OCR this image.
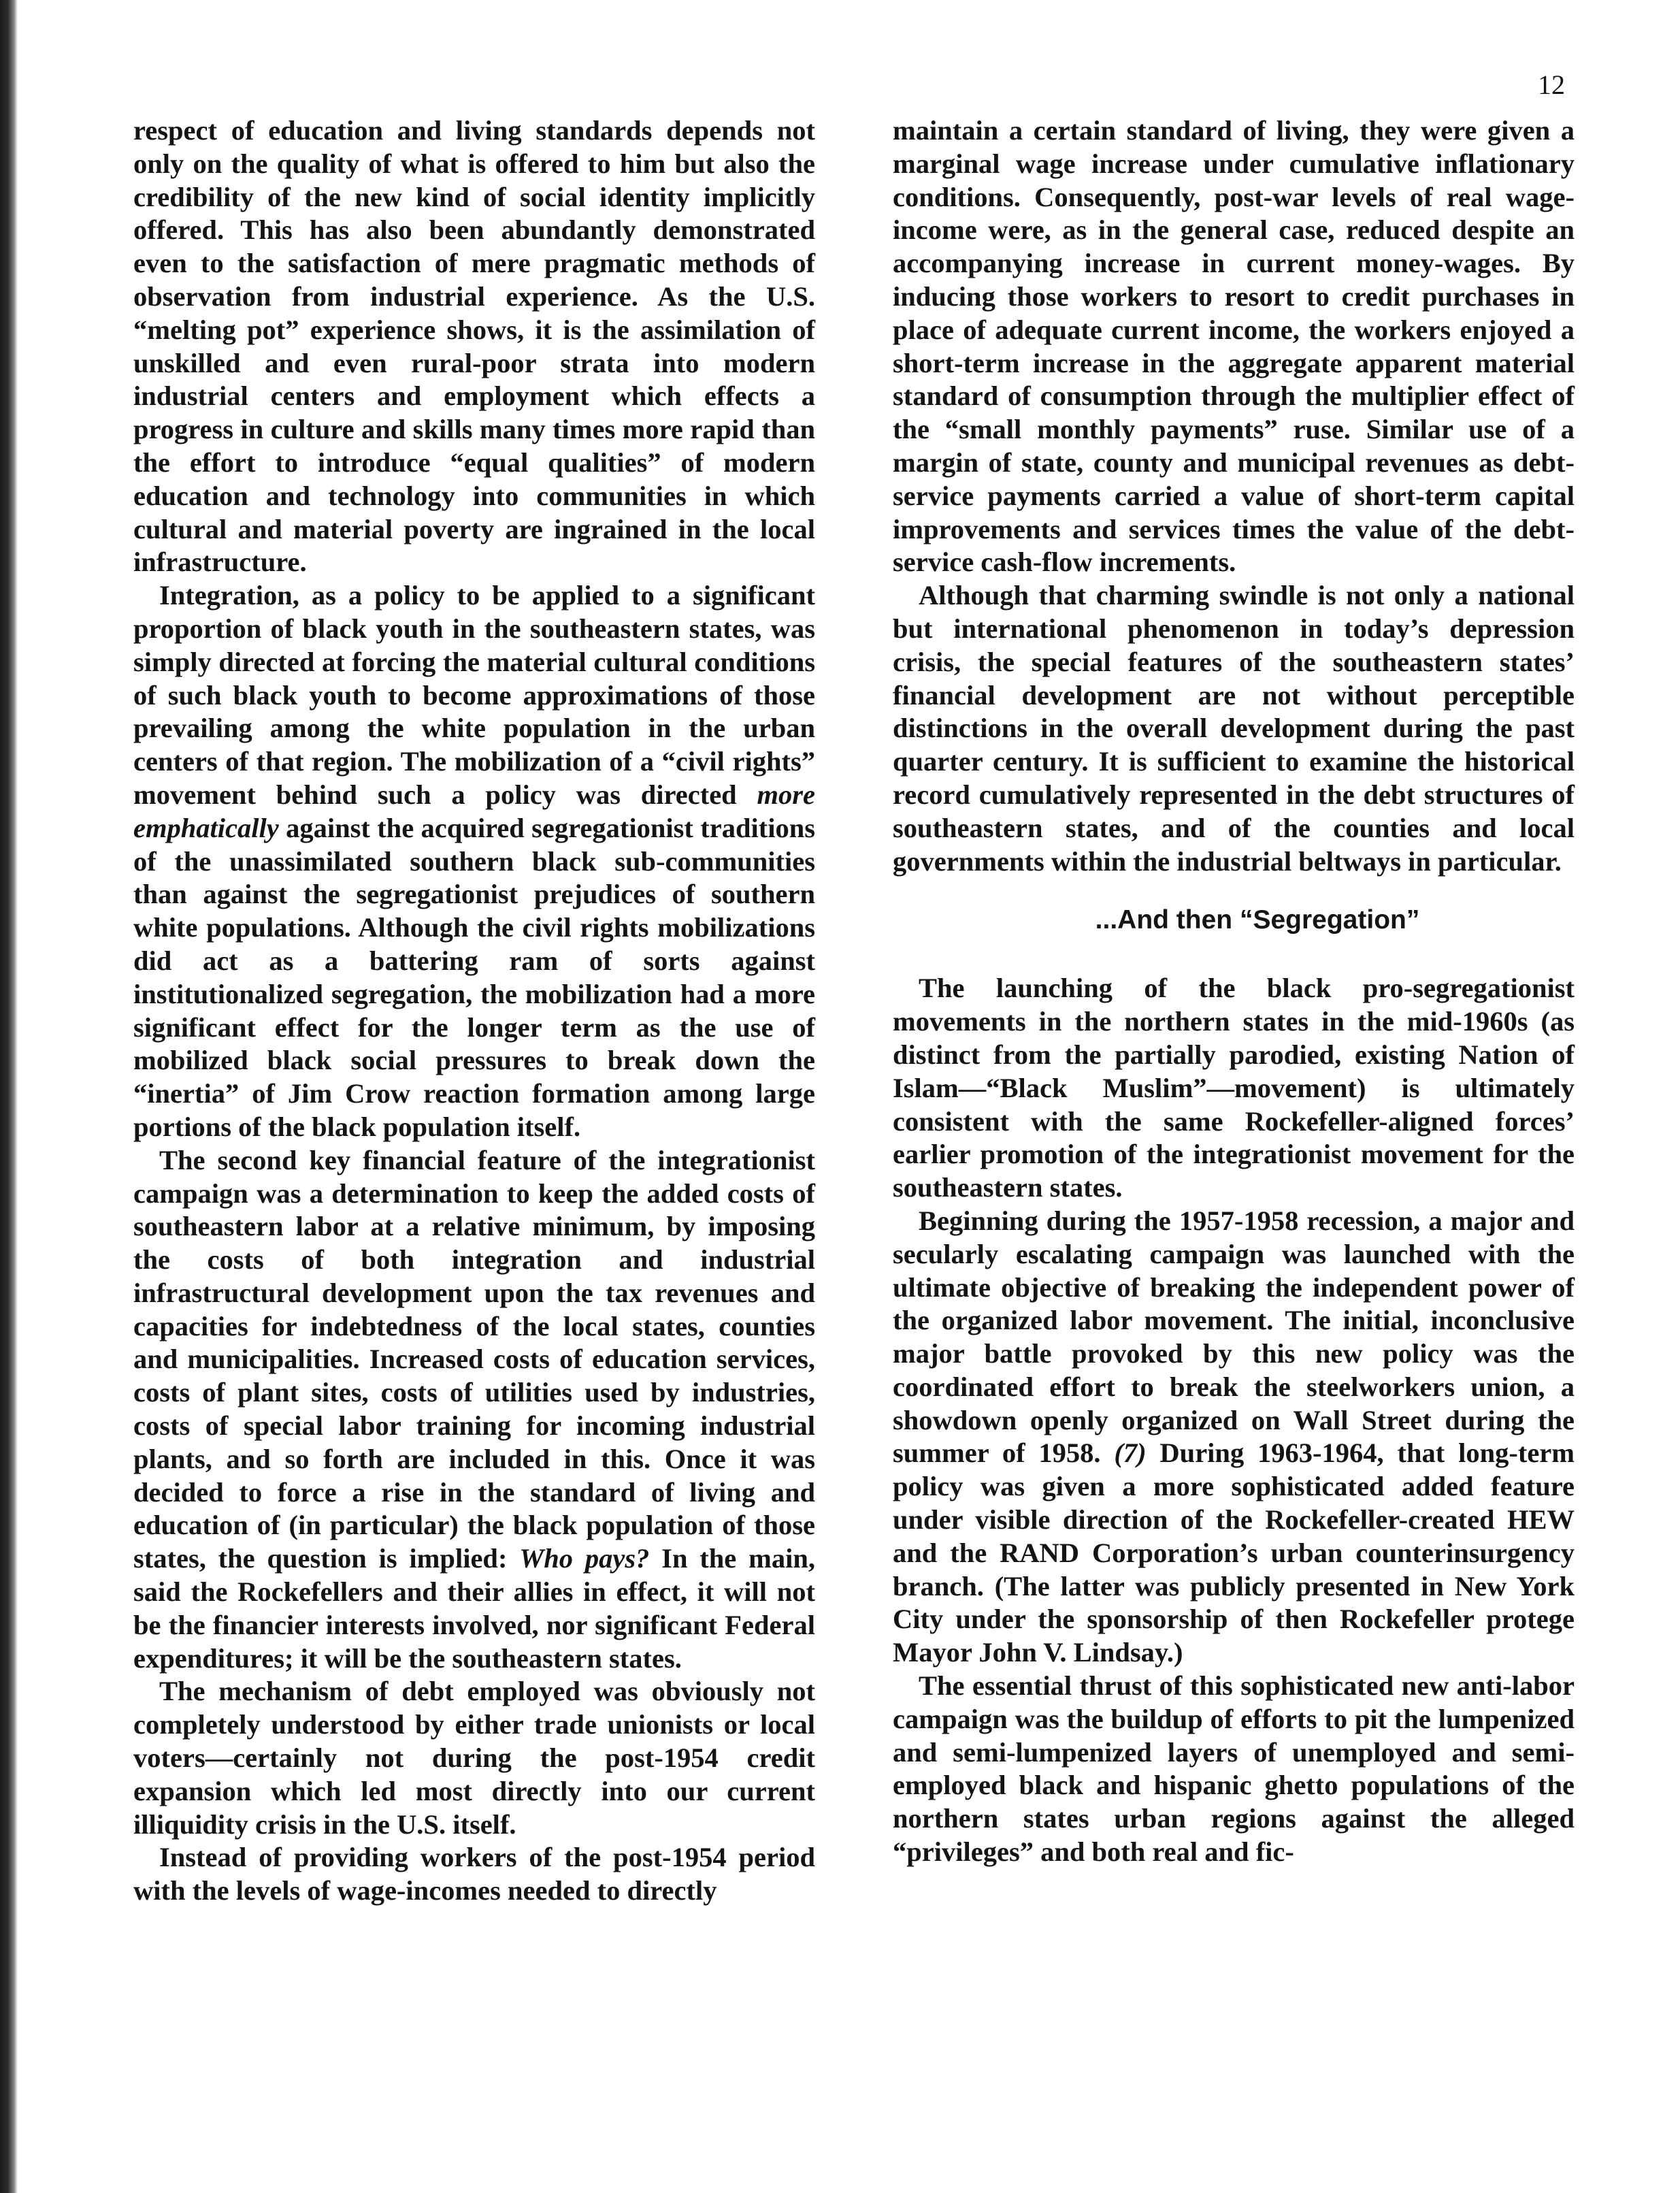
12

respect of education and living standards depends not only on the quality of what is offered to him but also the credibility of the new kind of social identity implicitly offered. This has also been abundantly demonstrated even to the satisfaction of mere pragmatic methods of observation from industrial experience. As the U.S. “melting pot” experience shows, it is the assimilation of unskilled and even rural-poor strata into modern industrial centers and employment which effects a progress in culture and skills many times more rapid than the effort to introduce “equal qualities” of modern education and technology into communities in which cultural and material poverty are ingrained in the local infrastructure.

Integration, as a policy to be applied to a significant proportion of black youth in the southeastern states, was simply directed at forcing the material cultural conditions of such black youth to become approximations of those prevailing among the white population in the urban centers of that region. The mobilization of a “civil rights” movement behind such a policy was directed more emphatically against the acquired segregationist traditions of the unassimilated southern black sub-communities than against the segregationist prejudices of southern white populations. Although the civil rights mobilizations did act as a battering ram of sorts against institutionalized segregation, the mobilization had a more significant effect for the longer term as the use of mobilized black social pressures to break down the “inertia” of Jim Crow reaction formation among large portions of the black population itself.

The second key financial feature of the integrationist campaign was a determination to keep the added costs of southeastern labor at a relative minimum, by imposing the costs of both integration and industrial infrastructural development upon the tax revenues and capacities for indebtedness of the local states, counties and municipalities. Increased costs of education services, costs of plant sites, costs of utilities used by industries, costs of special labor training for incoming industrial plants, and so forth are included in this. Once it was decided to force a rise in the standard of living and education of (in particular) the black population of those states, the question is implied: Who pays? In the main, said the Rockefellers and their allies in effect, it will not be the financier interests involved, nor significant Federal expenditures; it will be the southeastern states.

The mechanism of debt employed was obviously not completely understood by either trade unionists or local voters—certainly not during the post-1954 credit expansion which led most directly into our current illiquidity crisis in the U.S. itself.

Instead of providing workers of the post-1954 period with the levels of wage-incomes needed to directly

maintain a certain standard of living, they were given a marginal wage increase under cumulative inflationary conditions. Consequently, post-war levels of real wage-income were, as in the general case, reduced despite an accompanying increase in current money-wages. By inducing those workers to resort to credit purchases in place of adequate current income, the workers enjoyed a short-term increase in the aggregate apparent material standard of consumption through the multiplier effect of the “small monthly payments” ruse. Similar use of a margin of state, county and municipal revenues as debt-service payments carried a value of short-term capital improvements and services times the value of the debt-service cash-flow increments.

Although that charming swindle is not only a national but international phenomenon in today’s depression crisis, the special features of the southeastern states’ financial development are not without perceptible distinctions in the overall development during the past quarter century. It is sufficient to examine the historical record cumulatively represented in the debt structures of southeastern states, and of the counties and local governments within the industrial beltways in particular.

...And then “Segregation”

The launching of the black pro-segregationist movements in the northern states in the mid-1960s (as distinct from the partially parodied, existing Nation of Islam—“Black Muslim”—movement) is ultimately consistent with the same Rockefeller-aligned forces’ earlier promotion of the integrationist movement for the southeastern states.

Beginning during the 1957-1958 recession, a major and secularly escalating campaign was launched with the ultimate objective of breaking the independent power of the organized labor movement. The initial, inconclusive major battle provoked by this new policy was the coordinated effort to break the steelworkers union, a showdown openly organized on Wall Street during the summer of 1958. (7) During 1963-1964, that long-term policy was given a more sophisticated added feature under visible direction of the Rockefeller-created HEW and the RAND Corporation’s urban counterinsurgency branch. (The latter was publicly presented in New York City under the sponsorship of then Rockefeller protege Mayor John V. Lindsay.)

The essential thrust of this sophisticated new anti-labor campaign was the buildup of efforts to pit the lumpenized and semi-lumpenized layers of unemployed and semi-employed black and hispanic ghetto populations of the northern states urban regions against the alleged “privileges” and both real and fic-
